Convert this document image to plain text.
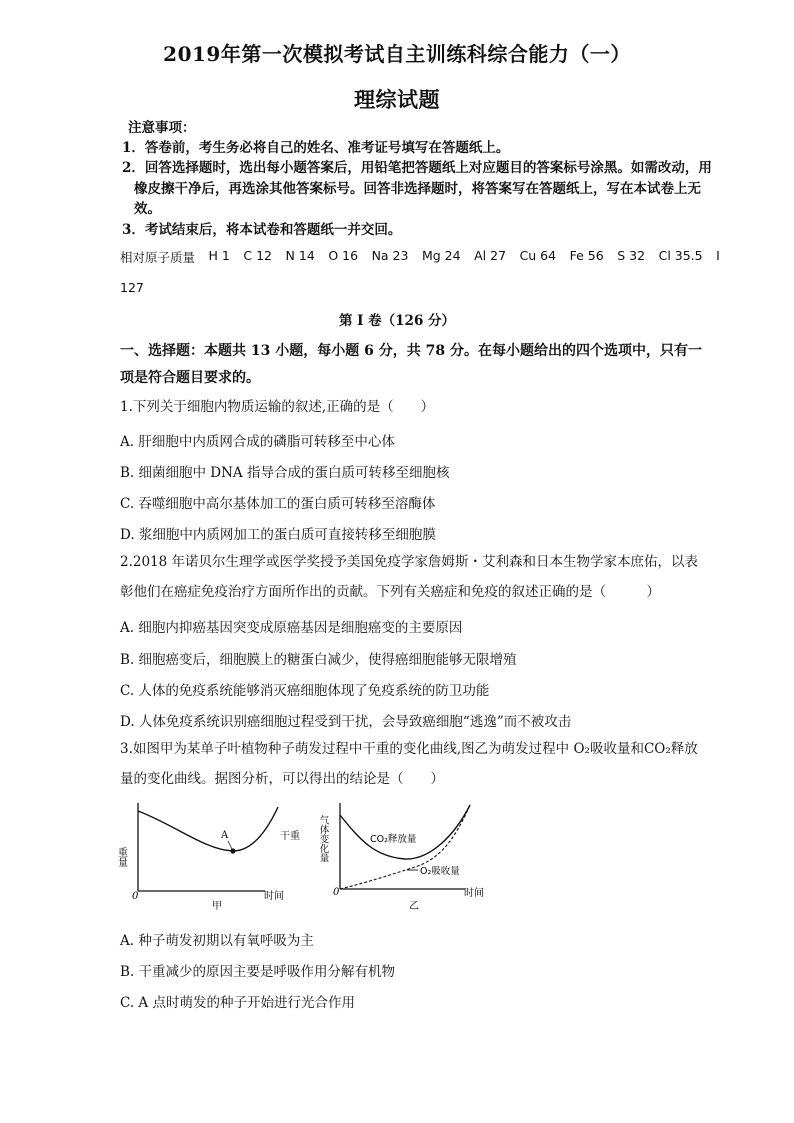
2019年第一次模拟考试自主训练科综合能力（一）
理综试题
注意事项：
1．答卷前，考生务必将自己的姓名、准考证号填写在答题纸上。
2．回答选择题时，选出每小题答案后，用铅笔把答题纸上对应题目的答案标号涂黑。如需改动，用橡皮擦干净后，再选涂其他答案标号。回答非选择题时，将答案写在答题纸上，写在本试卷上无效。
3．考试结束后，将本试卷和答题纸一并交回。
相对原子质量 H 1 C 12 N 14 O 16 Na 23 Mg 24 Al 27 Cu 64 Fe 56 S 32 Cl 35.5 I
127
第 I 卷（126 分）
一、选择题：本题共 13 小题，每小题 6 分，共 78 分。在每小题给出的四个选项中，只有一项是符合题目要求的。
1.下列关于细胞内物质运输的叙述,正确的是（　　）
A. 肝细胞中内质网合成的磷脂可转移至中心体
B. 细菌细胞中 DNA 指导合成的蛋白质可转移至细胞核
C. 吞噬细胞中高尔基体加工的蛋白质可转移至溶酶体
D. 浆细胞中内质网加工的蛋白质可直接转移至细胞膜
2.2018 年诺贝尔生理学或医学奖授予美国免疫学家詹姆斯・艾利森和日本生物学家本庶佑，以表彰他们在癌症免疫治疗方面所作出的贡献。下列有关癌症和免疫的叙述正确的是（　　　）
A. 细胞内抑癌基因突变成原癌基因是细胞癌变的主要原因
B. 细胞癌变后，细胞膜上的糖蛋白减少，使得癌细胞能够无限增殖
C. 人体的免疫系统能够消灭癌细胞体现了免疫系统的防卫功能
D. 人体免疫系统识别癌细胞过程受到干扰，会导致癌细胞“逃逸”而不被攻击
3.如图甲为某单子叶植物种子萌发过程中干重的变化曲线,图乙为萌发过程中 O₂吸收量和CO₂释放量的变化曲线。据图分析，可以得出的结论是（　　）
A	干重
重量
0	时间
甲
CO₂释放量
O₂吸收量
气体变化量
0	时间
乙
A. 种子萌发初期以有氧呼吸为主
B. 干重减少的原因主要是呼吸作用分解有机物
C. A 点时萌发的种子开始进行光合作用
